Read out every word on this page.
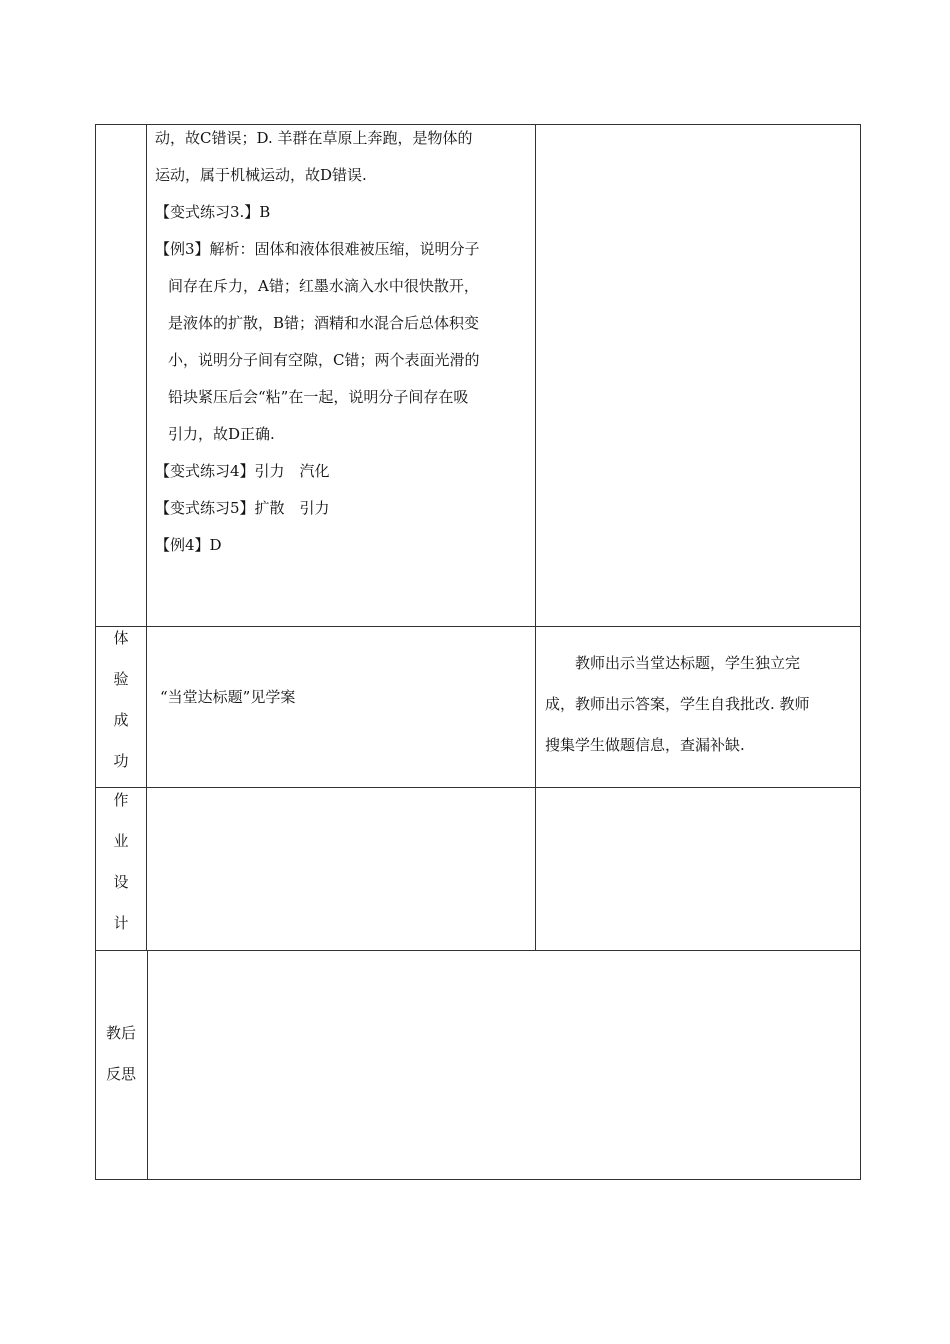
动，故C错误；D. 羊群在草原上奔跑，是物体的
运动，属于机械运动，故D错误.
【变式练习3.】B
【例3】解析：固体和液体很难被压缩，说明分子
间存在斥力，A错；红墨水滴入水中很快散开，
是液体的扩散，B错；酒精和水混合后总体积变
小，说明分子间有空隙，C错；两个表面光滑的
铅块紧压后会“粘”在一起，说明分子间存在吸
引力，故D正确.
【变式练习4】引力　汽化
【变式练习5】扩散　引力
【例4】D
体
验
成
功
“当堂达标题”见学案
教师出示当堂达标题，学生独立完
成，教师出示答案，学生自我批改. 教师
搜集学生做题信息，查漏补缺.
作
业
设
计
教后
反思
